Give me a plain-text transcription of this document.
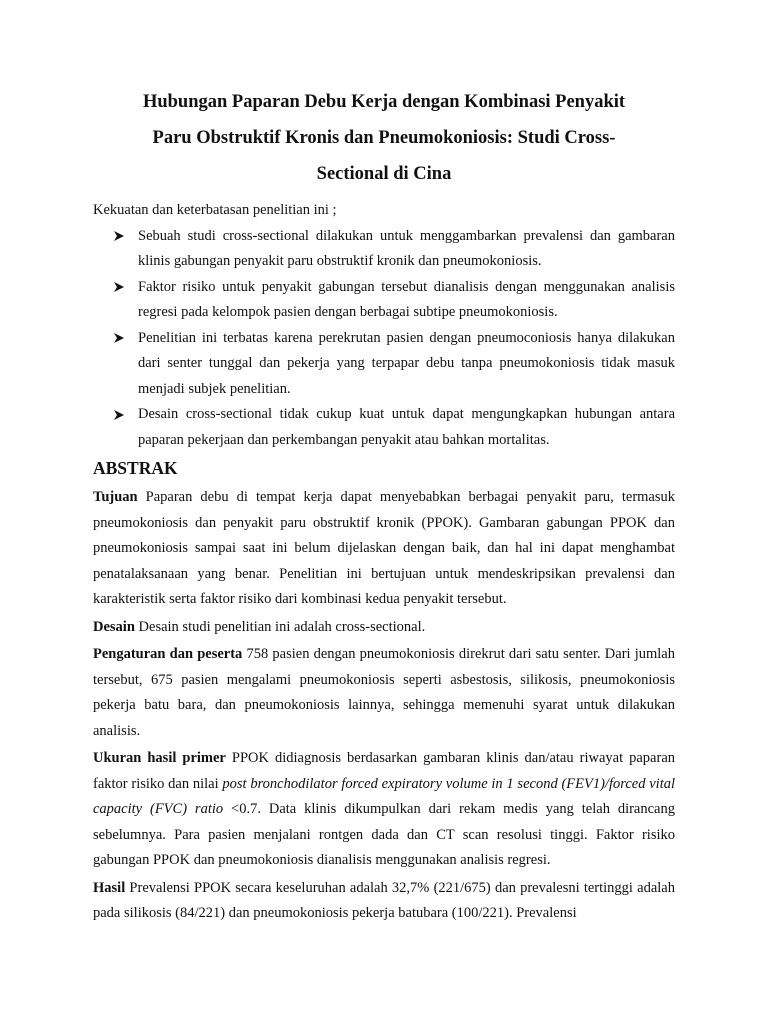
Hubungan Paparan Debu Kerja dengan Kombinasi Penyakit
Paru Obstruktif Kronis dan Pneumokoniosis: Studi Cross-
Sectional di Cina

Kekuatan dan keterbatasan penelitian ini ;

Sebuah studi cross-sectional dilakukan untuk menggambarkan prevalensi dan gambaran klinis gabungan penyakit paru obstruktif kronik dan pneumokoniosis.
Faktor risiko untuk penyakit gabungan tersebut dianalisis dengan menggunakan analisis regresi pada kelompok pasien dengan berbagai subtipe pneumokoniosis.
Penelitian ini terbatas karena perekrutan pasien dengan pneumoconiosis hanya dilakukan dari senter tunggal dan pekerja yang terpapar debu tanpa pneumokoniosis tidak masuk menjadi subjek penelitian.
Desain cross-sectional tidak cukup kuat untuk dapat mengungkapkan hubungan antara paparan pekerjaan dan perkembangan penyakit atau bahkan mortalitas.
ABSTRAK

Tujuan Paparan debu di tempat kerja dapat menyebabkan berbagai penyakit paru, termasuk pneumokoniosis dan penyakit paru obstruktif kronik (PPOK). Gambaran gabungan PPOK dan pneumokoniosis sampai saat ini belum dijelaskan dengan baik, dan hal ini dapat menghambat penatalaksanaan yang benar. Penelitian ini bertujuan untuk mendeskripsikan prevalensi dan karakteristik serta faktor risiko dari kombinasi kedua penyakit tersebut.

Desain Desain studi penelitian ini adalah cross-sectional.

Pengaturan dan peserta 758 pasien dengan pneumokoniosis direkrut dari satu senter. Dari jumlah tersebut, 675 pasien mengalami pneumokoniosis seperti asbestosis, silikosis, pneumokoniosis pekerja batu bara, dan pneumokoniosis lainnya, sehingga memenuhi syarat untuk dilakukan analisis.

Ukuran hasil primer PPOK didiagnosis berdasarkan gambaran klinis dan/atau riwayat paparan faktor risiko dan nilai post bronchodilator forced expiratory volume in 1 second (FEV1)/forced vital capacity (FVC) ratio <0.7. Data klinis dikumpulkan dari rekam medis yang telah dirancang sebelumnya. Para pasien menjalani rontgen dada dan CT scan resolusi tinggi. Faktor risiko gabungan PPOK dan pneumokoniosis dianalisis menggunakan analisis regresi.

Hasil Prevalensi PPOK secara keseluruhan adalah 32,7% (221/675) dan prevalesni tertinggi adalah pada silikosis (84/221) dan pneumokoniosis pekerja batubara (100/221). Prevalensi
